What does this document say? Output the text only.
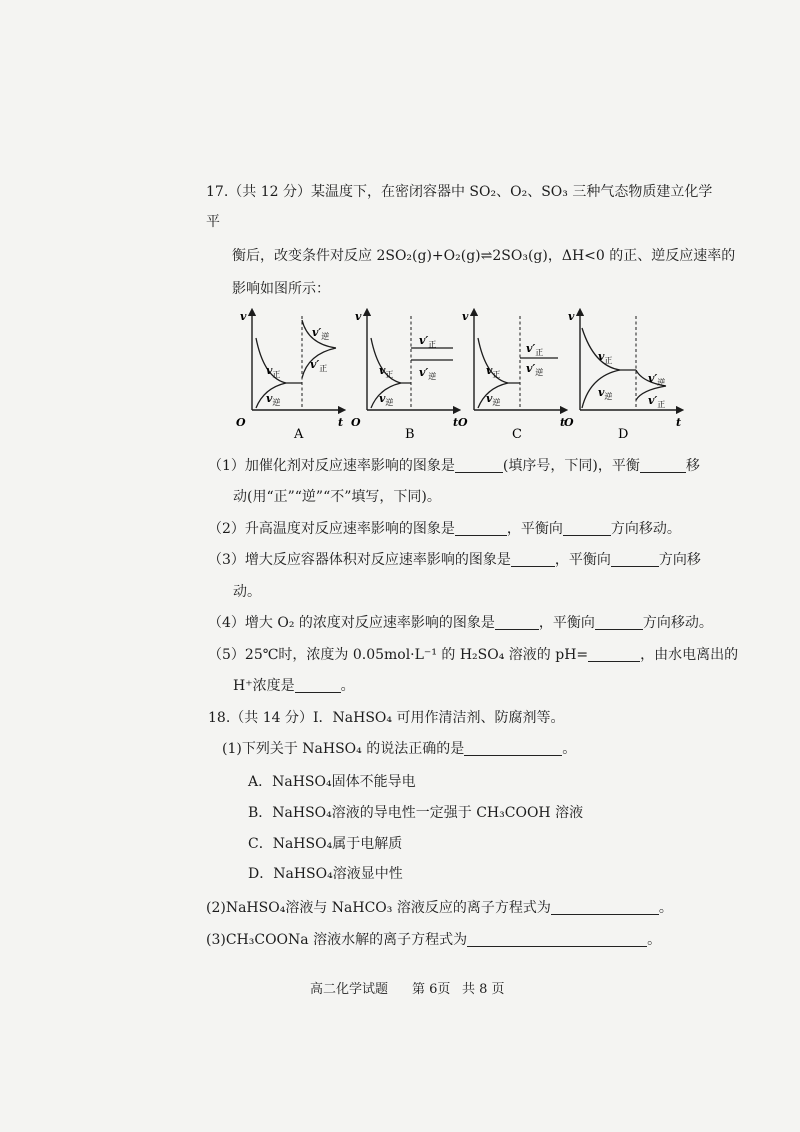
17.（共 12 分）某温度下，在密闭容器中 SO₂、O₂、SO₃ 三种气态物质建立化学
平
衡后，改变条件对反应 2SO₂(g)+O₂(g)⇌2SO₃(g)，ΔH<0 的正、逆反应速率的
影响如图所示：
v
O	t
$v_正$
$v_逆$
$v'_逆$
$v'_正$
A
v
O	t
$v_正$
$v_逆$
$v'_正$
$v'_逆$
B
v
O	t
$v_正$
$v_逆$
$v'_正$
$v'_逆$
C
v
O	t
$v_正$
$v_逆$
$v'_逆$
$v'_正$
D
（1）加催化剂对反应速率影响的图象是	(填序号，下同)，平衡	移
动(用“正”“逆”“不”填写，下同)。
（2）升高温度对反应速率影响的图象是	，平衡向	方向移动。
（3）增大反应容器体积对反应速率影响的图象是	，平衡向	方向移
动。
（4）增大 O₂ 的浓度对反应速率影响的图象是	，平衡向	方向移动。
（5）25℃时，浓度为 0.05mol·L⁻¹ 的 H₂SO₄ 溶液的 pH=	，由水电离出的
H⁺浓度是	。
18.（共 14 分）Ⅰ．NaHSO₄ 可用作清洁剂、防腐剂等。
(1)下列关于 NaHSO₄ 的说法正确的是	。
A．NaHSO₄固体不能导电
B．NaHSO₄溶液的导电性一定强于 CH₃COOH 溶液
C．NaHSO₄属于电解质
D．NaHSO₄溶液显中性
(2)NaHSO₄溶液与 NaHCO₃ 溶液反应的离子方程式为	。
(3)CH₃COONa 溶液水解的离子方程式为	。
高二化学试题 第 6页 共 8 页
